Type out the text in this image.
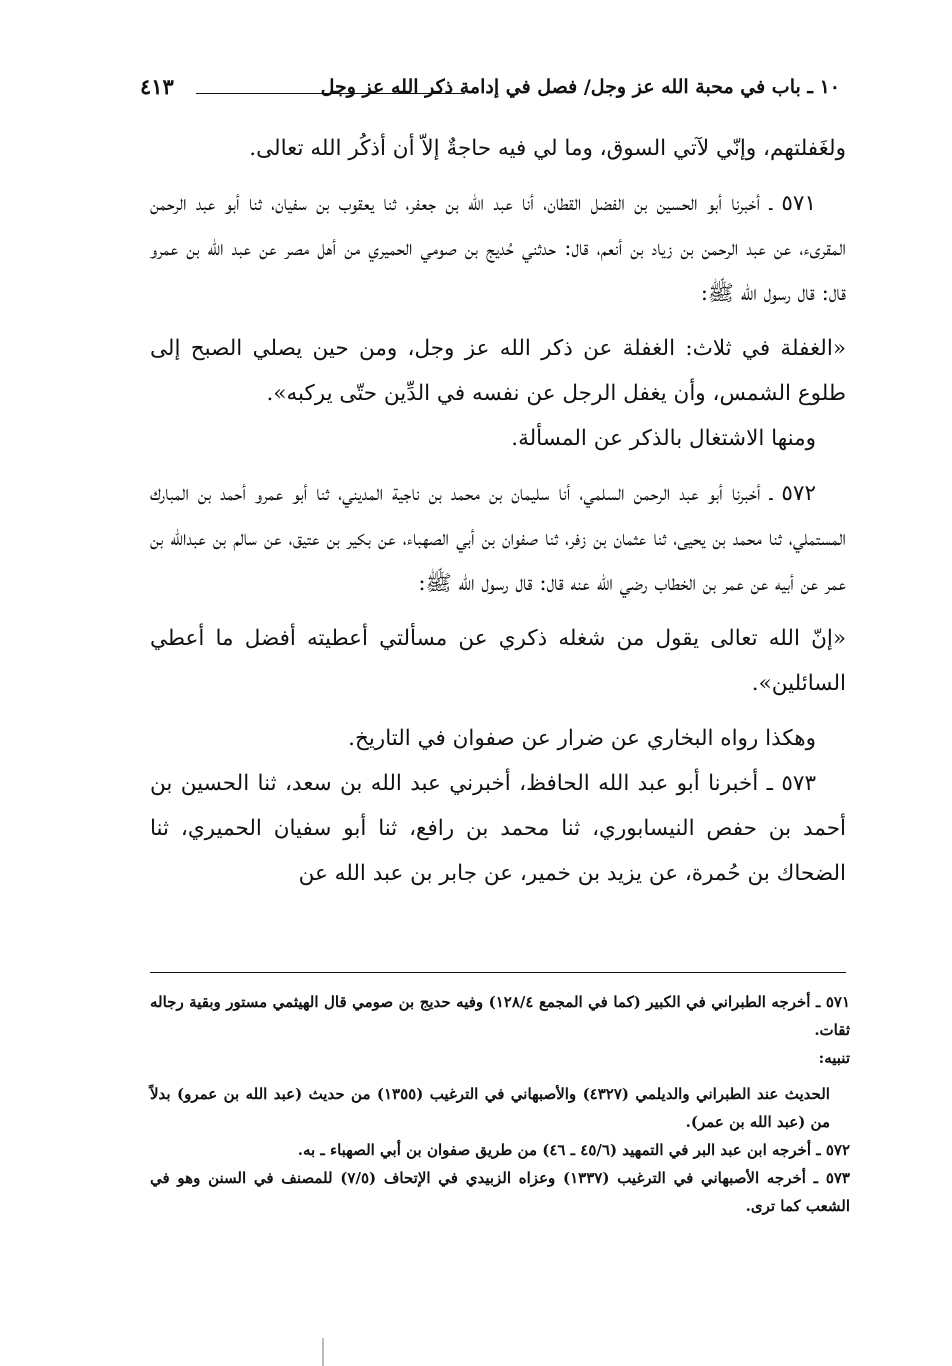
١٠ ـ باب في محبة الله عز وجل/ فصل في إدامة ذكر الله عز وجل
٤١٣

ولغَفلتهم، وإنّي لآتي السوق، وما لي فيه حاجةٌ إلاّ أن أذكُر الله تعالى.

٥٧١ ـ أخبرنا أبو الحسين بن الفضل القطان، أنا عبد الله بن جعفر، ثنا يعقوب بن سفيان، ثنا أبو عبد الرحمن المقرىء، عن عبد الرحمن بن زياد بن أنعم، قال: حدثني حُديج بن صومي الحميري من أهل مصر عن عبد الله بن عمرو قال: قال رسول الله ﷺ:

«الغفلة في ثلاث: الغفلة عن ذكر الله عز وجل، ومن حين يصلي الصبح إلى طلوع الشمس، وأن يغفل الرجل عن نفسه في الدِّين حتّى يركبه».

ومنها الاشتغال بالذكر عن المسألة.

٥٧٢ ـ أخبرنا أبو عبد الرحمن السلمي، أنا سليمان بن محمد بن ناجية المديني، ثنا أبو عمرو أحمد بن المبارك المستملي، ثنا محمد بن يحيى، ثنا عثمان بن زفر، ثنا صفوان بن أبي الصهباء، عن بكير بن عتيق، عن سالم بن عبدالله بن عمر عن أبيه عن عمر بن الخطاب رضي الله عنه قال: قال رسول الله ﷺ:

«إنّ الله تعالى يقول من شغله ذكري عن مسألتي أعطيته أفضل ما أعطي السائلين».

وهكذا رواه البخاري عن ضرار عن صفوان في التاريخ.

٥٧٣ ـ أخبرنا أبو عبد الله الحافظ، أخبرني عبد الله بن سعد، ثنا الحسين بن أحمد بن حفص النيسابوري، ثنا محمد بن رافع، ثنا أبو سفيان الحميري، ثنا الضحاك بن حُمرة، عن يزيد بن خمير، عن جابر بن عبد الله عن

٥٧١ ـ أخرجه الطبراني في الكبير (كما في المجمع ١٢٨/٤) وفيه حديج بن صومي قال الهيثمي مستور وبقية رجاله ثقات.

تنبيه:

الحديث عند الطبراني والديلمي (٤٣٢٧) والأصبهاني في الترغيب (١٣٥٥) من حديث (عبد الله بن عمرو) بدلاً من (عبد الله بن عمر).

٥٧٢ ـ أخرجه ابن عبد البر في التمهيد (٤٥/٦ ـ ٤٦) من طريق صفوان بن أبي الصهباء ـ به.

٥٧٣ ـ أخرجه الأصبهاني في الترغيب (١٣٣٧) وعزاه الزبيدي في الإتحاف (٧/٥) للمصنف في السنن وهو في الشعب كما ترى.
